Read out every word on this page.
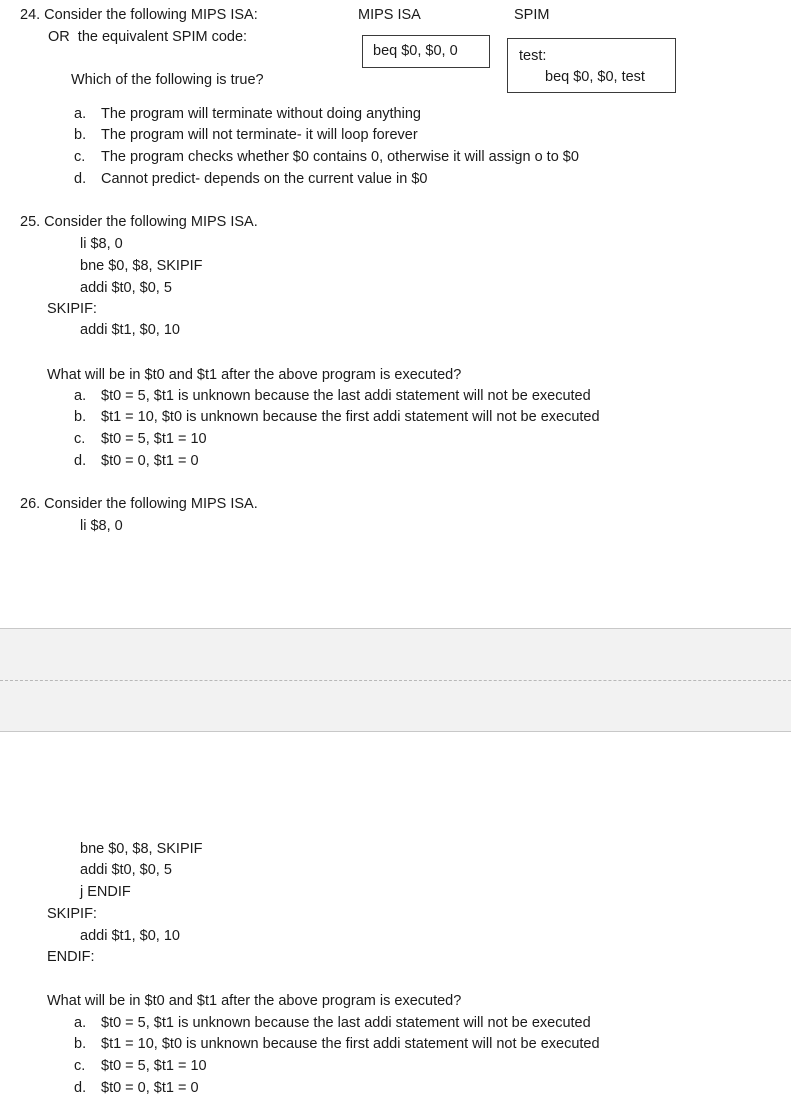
24. Consider the following MIPS ISA:
OR  the equivalent SPIM code:
MIPS ISA	SPIM
beq $0, $0, 0	test:
beq $0, $0, test
Which of the following is true?
a. The program will terminate without doing anything
b. The program will not terminate- it will loop forever
c. The program checks whether $0 contains 0, otherwise it will assign o to $0
d. Cannot predict- depends on the current value in $0
25. Consider the following MIPS ISA.
li $8, 0
bne $0, $8, SKIPIF
addi $t0, $0, 5
SKIPIF:
addi $t1, $0, 10
What will be in $t0 and $t1 after the above program is executed?
a. $t0 = 5, $t1 is unknown because the last addi statement will not be executed
b. $t1 = 10, $t0 is unknown because the first addi statement will not be executed
c. $t0 = 5, $t1 = 10
d. $t0 = 0, $t1 = 0
26. Consider the following MIPS ISA.
li $8, 0
bne $0, $8, SKIPIF
addi $t0, $0, 5
j ENDIF
SKIPIF:
addi $t1, $0, 10
ENDIF:
What will be in $t0 and $t1 after the above program is executed?
a. $t0 = 5, $t1 is unknown because the last addi statement will not be executed
b. $t1 = 10, $t0 is unknown because the first addi statement will not be executed
c. $t0 = 5, $t1 = 10
d. $t0 = 0, $t1 = 0
